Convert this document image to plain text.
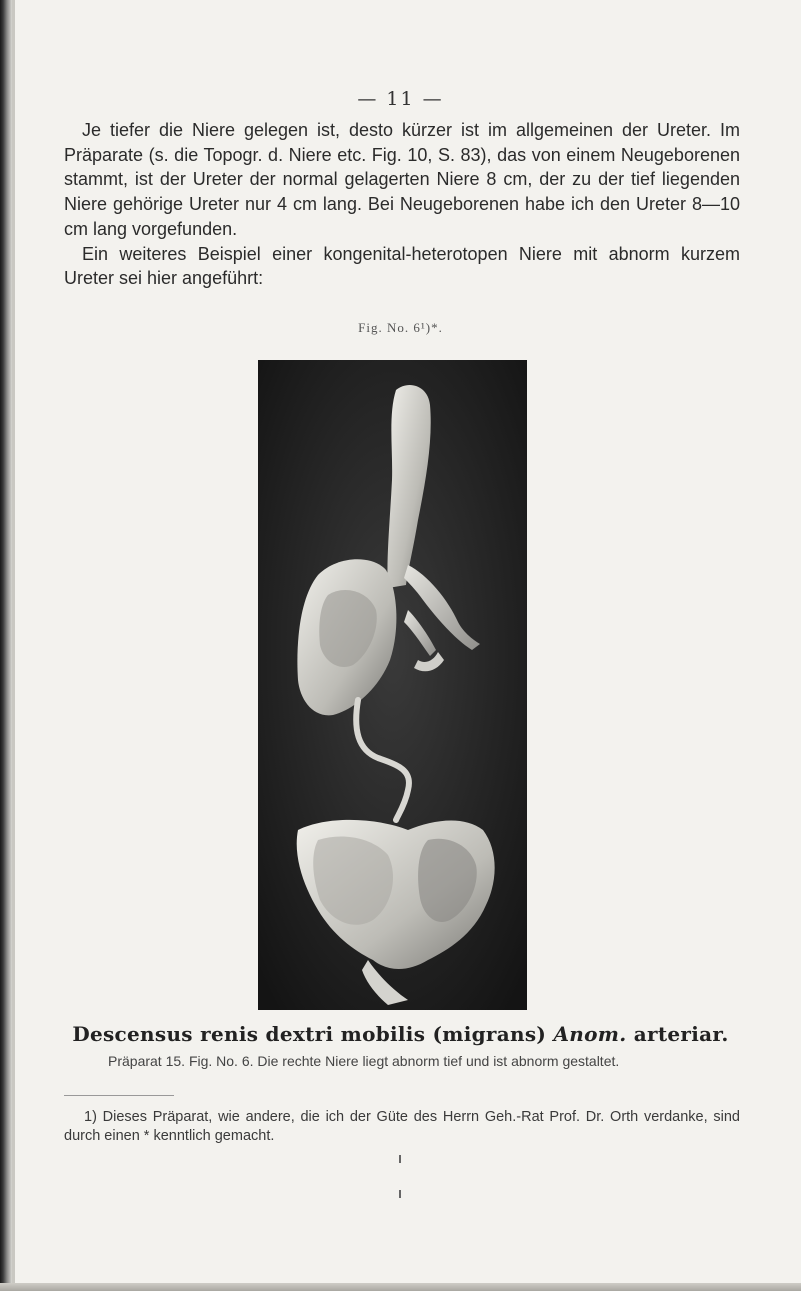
— 11 —

Je tiefer die Niere gelegen ist, desto kürzer ist im allgemeinen der Ureter. Im Präparate (s. die Topogr. d. Niere etc. Fig. 10, S. 83), das von einem Neugeborenen stammt, ist der Ureter der normal gelagerten Niere 8 cm, der zu der tief liegenden Niere gehörige Ureter nur 4 cm lang. Bei Neugeborenen habe ich den Ureter 8—10 cm lang vorgefunden.

Ein weiteres Beispiel einer kongenital-heterotopen Niere mit abnorm kurzem Ureter sei hier angeführt:

Fig. No. 6¹)*.
Descensus renis dextri mobilis (migrans) Anom. arteriar.

Präparat 15. Fig. No. 6. Die rechte Niere liegt abnorm tief und ist abnorm gestaltet.

1) Dieses Präparat, wie andere, die ich der Güte des Herrn Geh.-Rat Prof. Dr. Orth verdanke, sind durch einen * kenntlich gemacht.
